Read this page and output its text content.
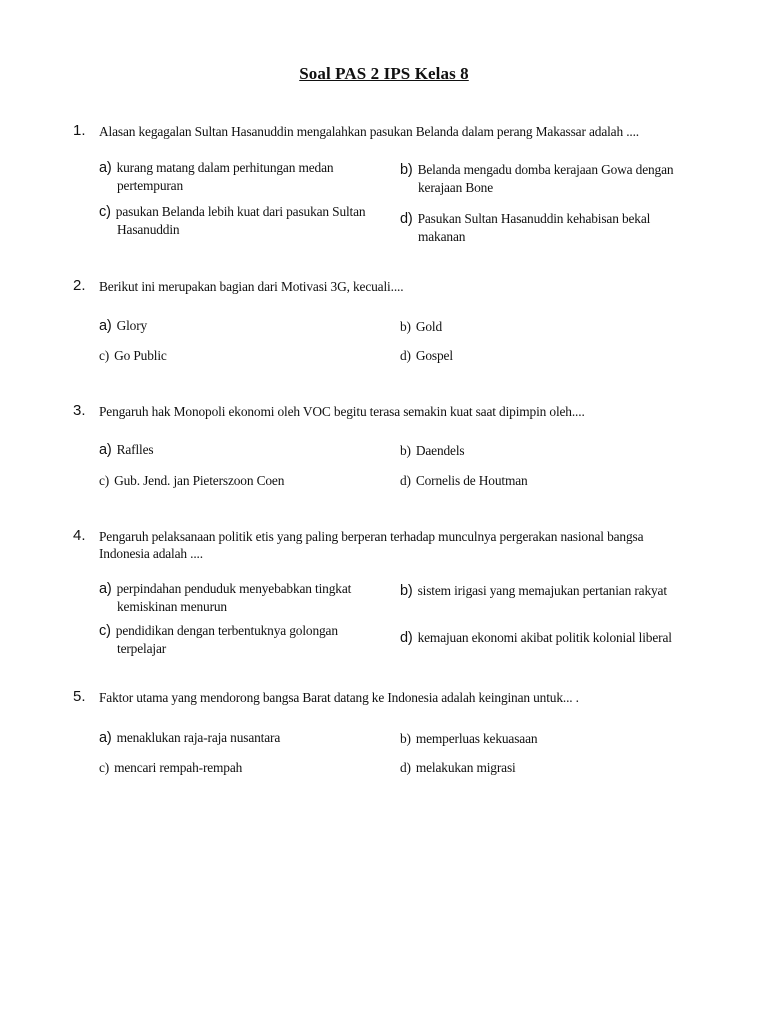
Soal PAS 2 IPS Kelas 8
1. Alasan kegagalan Sultan Hasanuddin mengalahkan pasukan Belanda dalam perang Makassar adalah ....
a) kurang matang dalam perhitungan medan
pertempuran
b) Belanda mengadu domba kerajaan Gowa dengan
kerajaan Bone
c) pasukan Belanda lebih kuat dari pasukan Sultan
Hasanuddin
d) Pasukan Sultan Hasanuddin kehabisan bekal
makanan
2. Berikut ini merupakan bagian dari Motivasi 3G, kecuali....
a) Glory	b) Gold
c) Go Public	d) Gospel
3. Pengaruh hak Monopoli ekonomi oleh VOC begitu terasa semakin kuat saat dipimpin oleh....
a) Raflles	b) Daendels
c) Gub. Jend. jan Pieterszoon Coen	d) Cornelis de Houtman
4. Pengaruh pelaksanaan politik etis yang paling berperan terhadap munculnya pergerakan nasional bangsa Indonesia adalah ....
a) perpindahan penduduk menyebabkan tingkat
kemiskinan menurun
b) sistem irigasi yang memajukan pertanian rakyat
c) pendidikan dengan terbentuknya golongan
terpelajar
d) kemajuan ekonomi akibat politik kolonial liberal
5. Faktor utama yang mendorong bangsa Barat datang ke Indonesia adalah keinginan untuk... .
a) menaklukan raja-raja nusantara	b) memperluas kekuasaan
c) mencari rempah-rempah	d) melakukan migrasi
